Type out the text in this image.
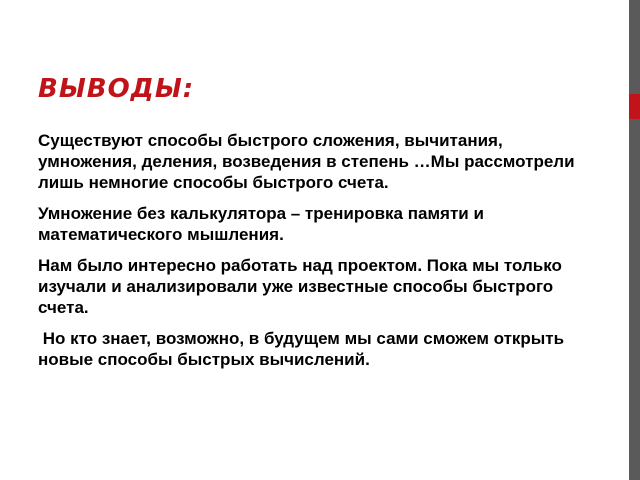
ВЫВОДЫ:

Существуют способы быстрого сложения, вычитания, умножения, деления, возведения в степень …Мы рассмотрели лишь немногие способы быстрого счета.

Умножение без калькулятора – тренировка памяти и математического мышления.

Нам было интересно работать над проектом. Пока мы только изучали и анализировали уже известные способы быстрого счета.

Но кто знает, возможно, в будущем мы сами сможем открыть новые способы быстрых вычислений.
